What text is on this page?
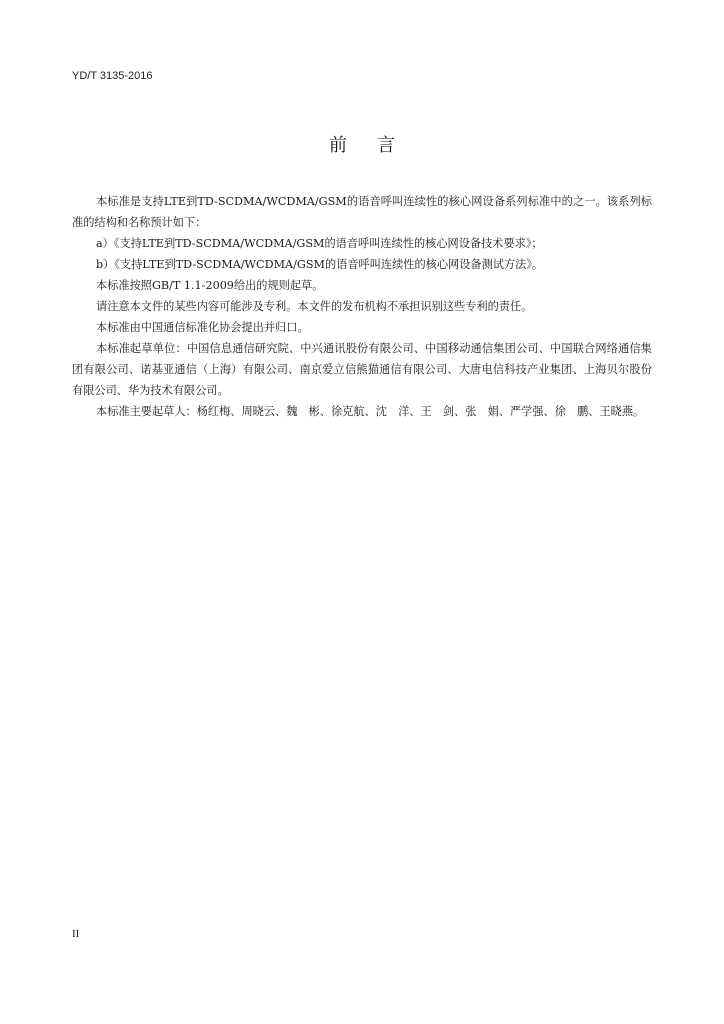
YD/T 3135-2016
前言

本标准是支持LTE到TD-SCDMA/WCDMA/GSM的语音呼叫连续性的核心网设备系列标准中的之一。该系列标准的结构和名称预计如下：

a）《支持LTE到TD-SCDMA/WCDMA/GSM的语音呼叫连续性的核心网设备技术要求》；

b）《支持LTE到TD-SCDMA/WCDMA/GSM的语音呼叫连续性的核心网设备测试方法》。

本标准按照GB/T 1.1-2009给出的规则起草。

请注意本文件的某些内容可能涉及专利。本文件的发布机构不承担识别这些专利的责任。

本标准由中国通信标准化协会提出并归口。

本标准起草单位：中国信息通信研究院、中兴通讯股份有限公司、中国移动通信集团公司、中国联合网络通信集团有限公司、诺基亚通信（上海）有限公司、南京爱立信熊猫通信有限公司、大唐电信科技产业集团、上海贝尔股份有限公司、华为技术有限公司。

本标准主要起草人：杨红梅、周晓云、魏　彬、徐克航、沈　洋、王　剑、张　娟、严学强、徐　鹏、王晓燕。

II
